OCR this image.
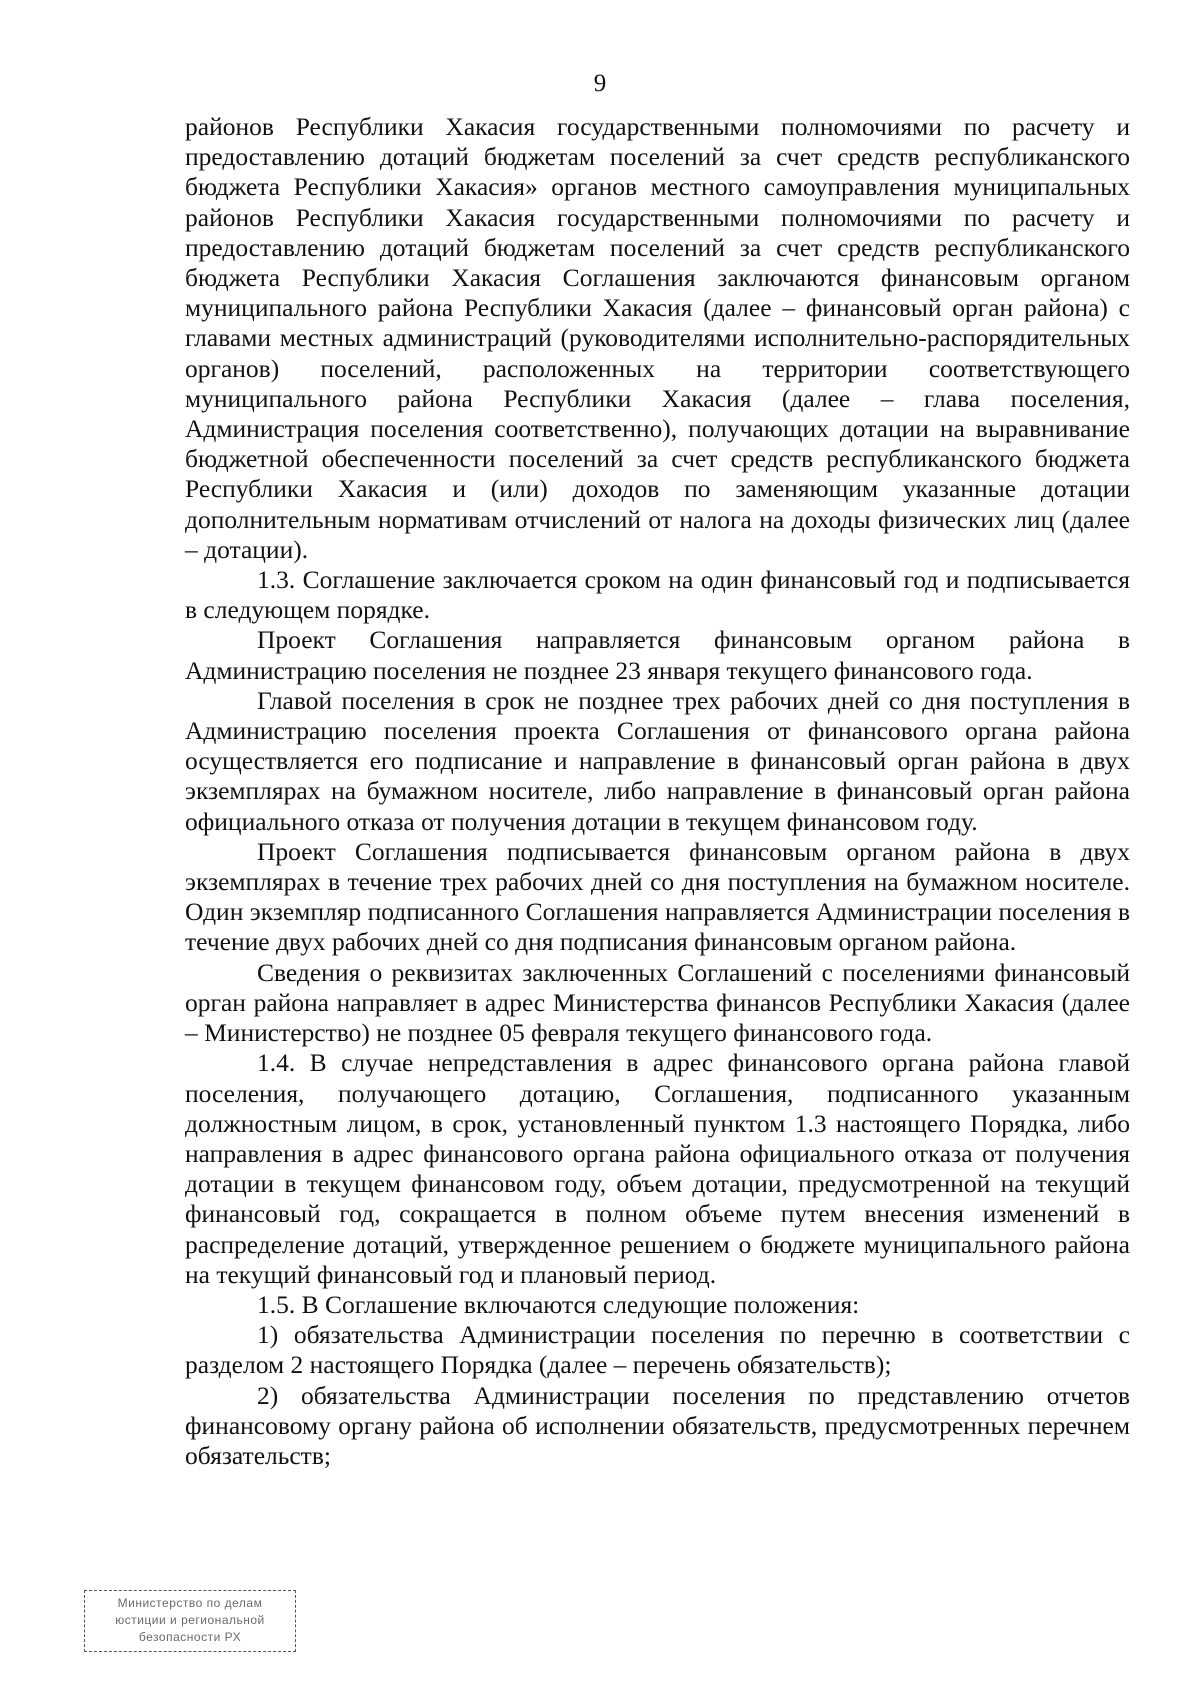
9

районов Республики Хакасия государственными полномочиями по расчету и предоставлению дотаций бюджетам поселений за счет средств республиканского бюджета Республики Хакасия» органов местного самоуправления муниципальных районов Республики Хакасия государственными полномочиями по расчету и предоставлению дотаций бюджетам поселений за счет средств республиканского бюджета Республики Хакасия Соглашения заключаются финансовым органом муниципального района Республики Хакасия (далее – финансовый орган района) с главами местных администраций (руководителями исполнительно-распорядительных органов) поселений, расположенных на территории соответствующего муниципального района Республики Хакасия (далее – глава поселения, Администрация поселения соответственно), получающих дотации на выравнивание бюджетной обеспеченности поселений за счет средств республиканского бюджета Республики Хакасия и (или) доходов по заменяющим указанные дотации дополнительным нормативам отчислений от налога на доходы физических лиц (далее – дотации).

1.3. Соглашение заключается сроком на один финансовый год и подписывается в следующем порядке.

Проект Соглашения направляется финансовым органом района в Администрацию поселения не позднее 23 января текущего финансового года.

Главой поселения в срок не позднее трех рабочих дней со дня поступления в Администрацию поселения проекта Соглашения от финансового органа района осуществляется его подписание и направление в финансовый орган района в двух экземплярах на бумажном носителе, либо направление в финансовый орган района официального отказа от получения дотации в текущем финансовом году.

Проект Соглашения подписывается финансовым органом района в двух экземплярах в течение трех рабочих дней со дня поступления на бумажном носителе. Один экземпляр подписанного Соглашения направляется Администрации поселения в течение двух рабочих дней со дня подписания финансовым органом района.

Сведения о реквизитах заключенных Соглашений с поселениями финансовый орган района направляет в адрес Министерства финансов Республики Хакасия (далее – Министерство) не позднее 05 февраля текущего финансового года.

1.4. В случае непредставления в адрес финансового органа района главой поселения, получающего дотацию, Соглашения, подписанного указанным должностным лицом, в срок, установленный пунктом 1.3 настоящего Порядка, либо направления в адрес финансового органа района официального отказа от получения дотации в текущем финансовом году, объем дотации, предусмотренной на текущий финансовый год, сокращается в полном объеме путем внесения изменений в распределение дотаций, утвержденное решением о бюджете муниципального района на текущий финансовый год и плановый период.

1.5. В Соглашение включаются следующие положения:

1) обязательства Администрации поселения по перечню в соответствии с разделом 2 настоящего Порядка (далее – перечень обязательств);

2) обязательства Администрации поселения по представлению отчетов финансовому органу района об исполнении обязательств, предусмотренных перечнем обязательств;

Министерство по делам
юстиции и региональной
безопасности РХ
